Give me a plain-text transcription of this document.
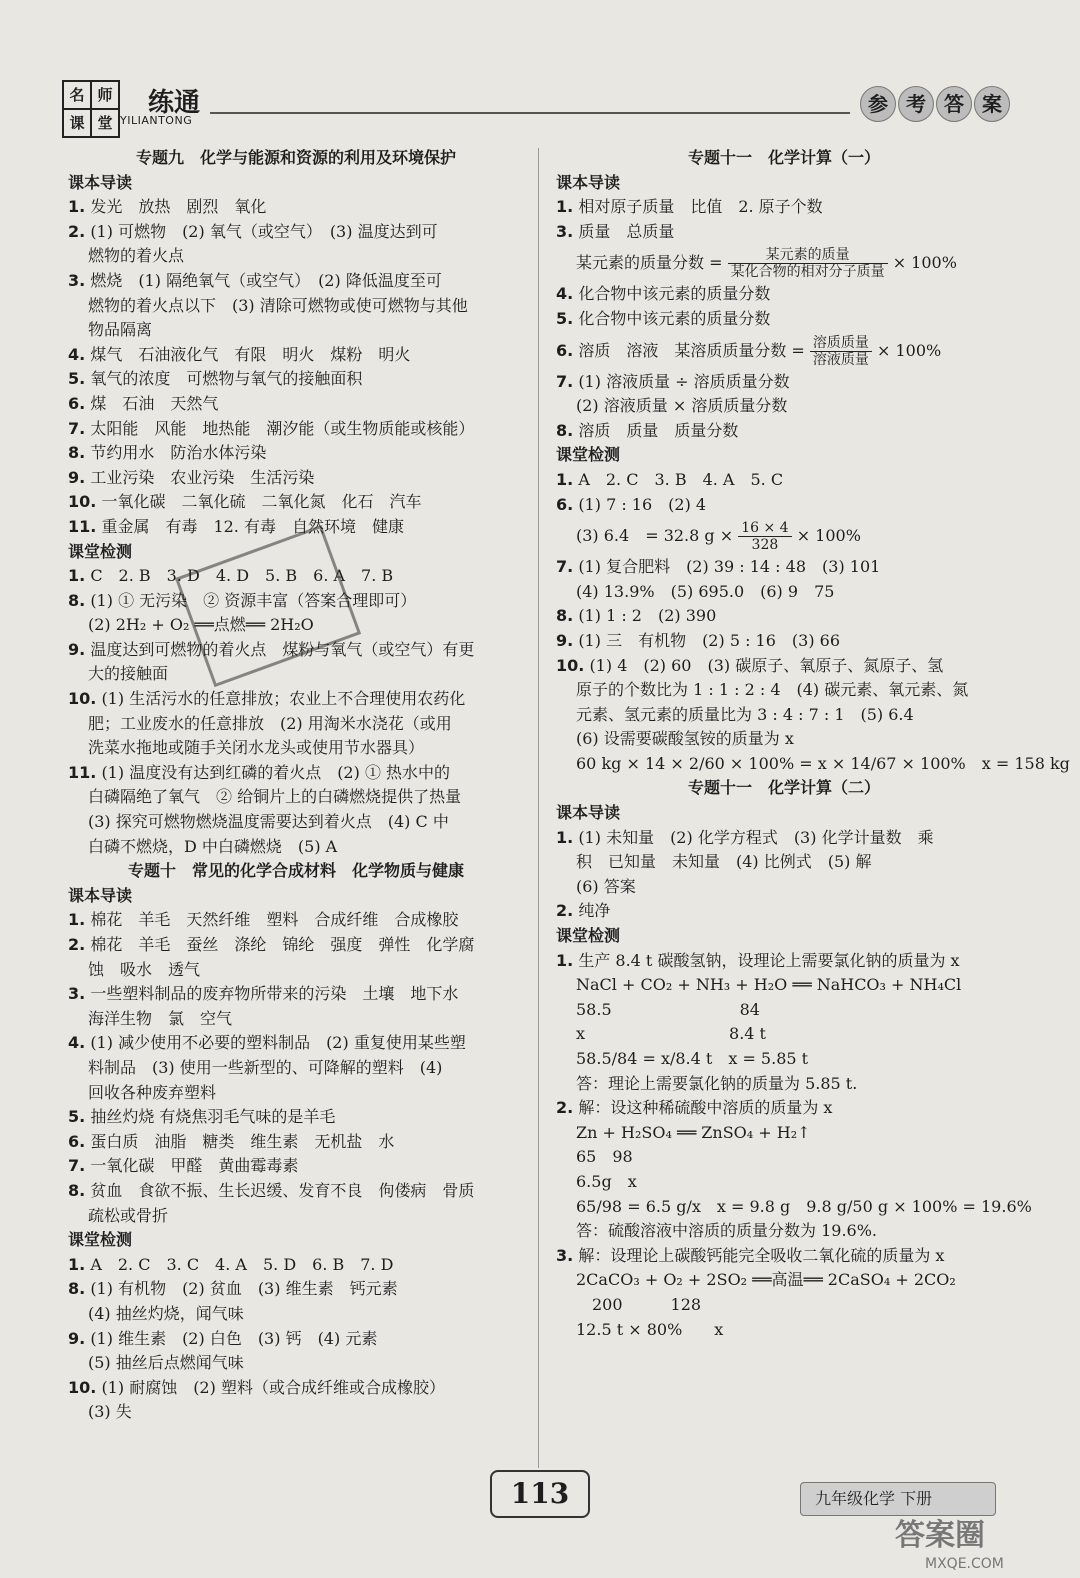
名 师
课 堂
练通
YILIANTONG
参 考 答 案
专题九　化学与能源和资源的利用及环境保护
课本导读
1. 发光　放热　剧烈　氧化
2. (1) 可燃物　(2) 氧气（或空气）　(3) 温度达到可
燃物的着火点
3. 燃烧　(1) 隔绝氧气（或空气）　(2) 降低温度至可
燃物的着火点以下　(3) 清除可燃物或使可燃物与其他
物品隔离
4. 煤气　石油液化气　有限　明火　煤粉　明火
5. 氧气的浓度　可燃物与氧气的接触面积
6. 煤　石油　天然气
7. 太阳能　风能　地热能　潮汐能（或生物质能或核能）
8. 节约用水　防治水体污染
9. 工业污染　农业污染　生活污染
10. 一氧化碳　二氧化硫　二氧化氮　化石　汽车
11. 重金属　有毒　12. 有毒　自然环境　健康
课堂检测
1. C　2. B　3. D　4. D　5. B　6. A　7. B
8. (1) ① 无污染　② 资源丰富（答案合理即可）
(2) 2H₂ + O₂ ══点燃══ 2H₂O
9. 温度达到可燃物的着火点　煤粉与氧气（或空气）有更
大的接触面
10. (1) 生活污水的任意排放；农业上不合理使用农药化
肥；工业废水的任意排放　(2) 用淘米水浇花（或用
洗菜水拖地或随手关闭水龙头或使用节水器具）
11. (1) 温度没有达到红磷的着火点　(2) ① 热水中的
白磷隔绝了氧气　② 给铜片上的白磷燃烧提供了热量
(3) 探究可燃物燃烧温度需要达到着火点　(4) C 中
白磷不燃烧，D 中白磷燃烧　(5) A
专题十　常见的化学合成材料　化学物质与健康
课本导读
1. 棉花　羊毛　天然纤维　塑料　合成纤维　合成橡胶
2. 棉花　羊毛　蚕丝　涤纶　锦纶　强度　弹性　化学腐
蚀　吸水　透气
3. 一些塑料制品的废弃物所带来的污染　土壤　地下水
海洋生物　氯　空气
4. (1) 减少使用不必要的塑料制品　(2) 重复使用某些塑
料制品　(3) 使用一些新型的、可降解的塑料　(4)
回收各种废弃塑料
5. 抽丝灼烧 有烧焦羽毛气味的是羊毛
6. 蛋白质　油脂　糖类　维生素　无机盐　水
7. 一氧化碳　甲醛　黄曲霉毒素
8. 贫血　食欲不振、生长迟缓、发育不良　佝偻病　骨质
疏松或骨折
课堂检测
1. A　2. C　3. C　4. A　5. D　6. B　7. D
8. (1) 有机物　(2) 贫血　(3) 维生素　钙元素
(4) 抽丝灼烧，闻气味
9. (1) 维生素　(2) 白色　(3) 钙　(4) 元素
(5) 抽丝后点燃闻气味
10. (1) 耐腐蚀　(2) 塑料（或合成纤维或合成橡胶）
(3) 失
专题十一　化学计算（一）
课本导读
1. 相对原子质量　比值　2. 原子个数
3. 质量　总质量
某元素的质量分数 = $\frac{\text{某元素的质量}}{\text{某化合物的相对分子质量}} \times 100\%$
4. 化合物中该元素的质量分数
5. 化合物中该元素的质量分数
6. 溶质　溶液　某溶质质量分数 = $\frac{\text{溶质质量}}{\text{溶液质量}} \times 100\%$
7. (1) 溶液质量 ÷ 溶质质量分数
(2) 溶液质量 × 溶质质量分数
8. 溶质　质量　质量分数
课堂检测
1. A　2. C　3. B　4. A　5. C
6. (1) 7 : 16　(2) 4
(3) 6.4　= 32.8 $g \times \frac{16 \times 4}{328} \times 100\%$
7. (1) 复合肥料　(2) 39 : 14 : 48　(3) 101
(4) 13.9%　(5) 695.0　(6) 9　75
8. (1) 1 : 2　(2) 390
9. (1) 三　有机物　(2) 5 : 16　(3) 66
10. (1) 4　(2) 60　(3) 碳原子、氧原子、氮原子、氢
原子的个数比为 1 : 1 : 2 : 4　(4) 碳元素、氧元素、氮
元素、氢元素的质量比为 3 : 4 : 7 : 1　(5) 6.4
(6) 设需要碳酸氢铵的质量为 x
60 kg × 14 × 2/60 × 100% = x × 14/67 × 100%　x = 158 kg
专题十一　化学计算（二）
课本导读
1. (1) 未知量　(2) 化学方程式　(3) 化学计量数　乘
积　已知量　未知量　(4) 比例式　(5) 解
(6) 答案
2. 纯净
课堂检测
1. 生产 8.4 t 碳酸氢钠，设理论上需要氯化钠的质量为 x
NaCl + CO₂ + NH₃ + H₂O ══ NaHCO₃ + NH₄Cl
58.5　　　　　　　　84
x　　　　　　　　　8.4 t
58.5/84 = x/8.4 t　x = 5.85 t
答：理论上需要氯化钠的质量为 5.85 t.
2. 解：设这种稀硫酸中溶质的质量为 x
Zn + H₂SO₄ ══ ZnSO₄ + H₂↑
65　98
6.5g　x
65/98 = 6.5 g/x　x = 9.8 g　9.8 g/50 g × 100% = 19.6%
答：硫酸溶液中溶质的质量分数为 19.6%.
3. 解：设理论上碳酸钙能完全吸收二氧化硫的质量为 x
2CaCO₃ + O₂ + 2SO₂ ══高温══ 2CaSO₄ + 2CO₂
　200　　　128
12.5 t × 80%　　x
113	九年级化学 下册
答案圈
MXQE.COM
